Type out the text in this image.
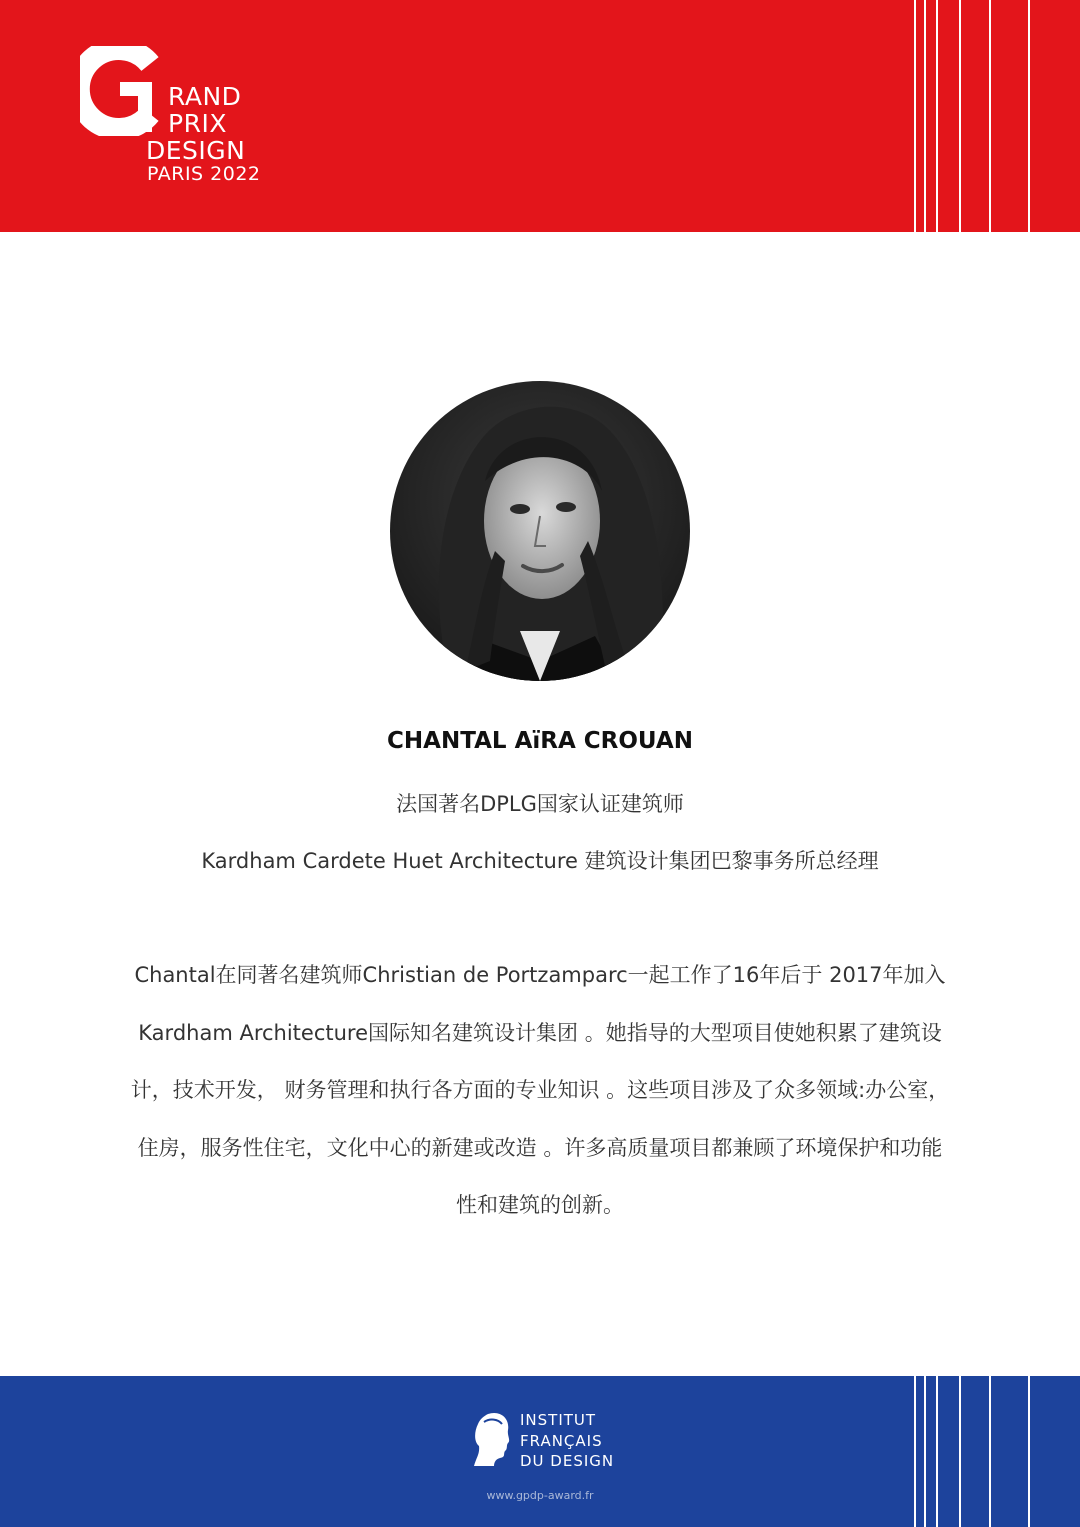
RAND
PRIX
DESIGN
PARIS 2022
CHANTAL AïRA CROUAN
法国著名DPLG国家认证建筑师
Kardham Cardete Huet Architecture 建筑设计集团巴黎事务所总经理
Chantal在同著名建筑师Christian de Portzamparc一起工作了16年后于 2017年加入
Kardham Architecture国际知名建筑设计集团 。她指导的大型项目使她积累了建筑设
计，技术开发， 财务管理和执行各方面的专业知识 。这些项目涉及了众多领域:办公室，
住房，服务性住宅，文化中心的新建或改造 。许多高质量项目都兼顾了环境保护和功能
性和建筑的创新。
INSTITUT
FRANÇAIS
DU DESIGN
www.gpdp-award.fr
